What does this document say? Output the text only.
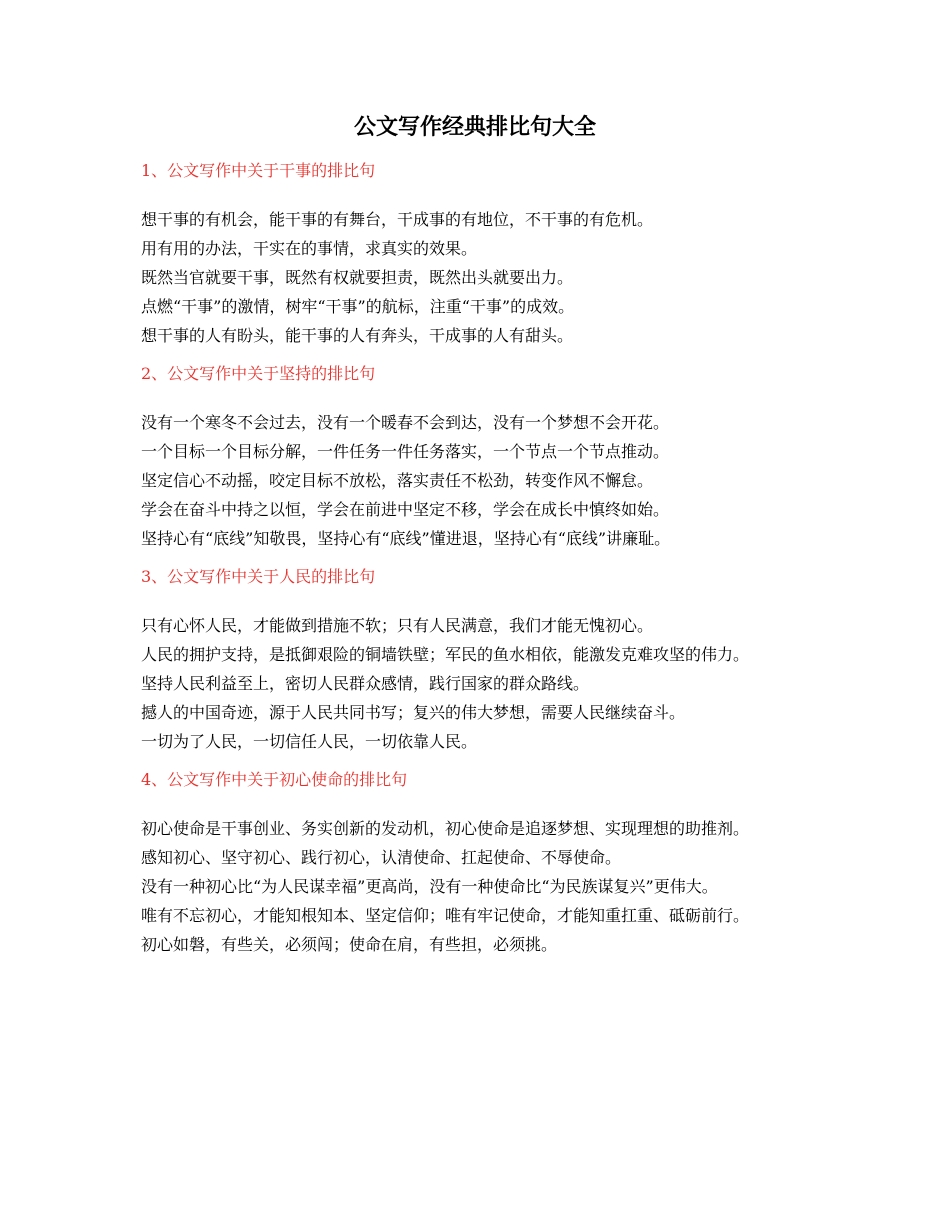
公文写作经典排比句大全
1、公文写作中关于干事的排比句

想干事的有机会，能干事的有舞台，干成事的有地位，不干事的有危机。

用有用的办法，干实在的事情，求真实的效果。

既然当官就要干事，既然有权就要担责，既然出头就要出力。

点燃“干事”的激情，树牢“干事”的航标，注重“干事”的成效。

想干事的人有盼头，能干事的人有奔头，干成事的人有甜头。

2、公文写作中关于坚持的排比句

没有一个寒冬不会过去，没有一个暖春不会到达，没有一个梦想不会开花。

一个目标一个目标分解，一件任务一件任务落实，一个节点一个节点推动。

坚定信心不动摇，咬定目标不放松，落实责任不松劲，转变作风不懈怠。

学会在奋斗中持之以恒，学会在前进中坚定不移，学会在成长中慎终如始。

坚持心有“底线”知敬畏，坚持心有“底线”懂进退，坚持心有“底线”讲廉耻。

3、公文写作中关于人民的排比句

只有心怀人民，才能做到措施不软；只有人民满意，我们才能无愧初心。

人民的拥护支持，是抵御艰险的铜墙铁壁；军民的鱼水相依，能激发克难攻坚的伟力。

坚持人民利益至上，密切人民群众感情，践行国家的群众路线。

撼人的中国奇迹，源于人民共同书写；复兴的伟大梦想，需要人民继续奋斗。

一切为了人民，一切信任人民，一切依靠人民。

4、公文写作中关于初心使命的排比句

初心使命是干事创业、务实创新的发动机，初心使命是追逐梦想、实现理想的助推剂。

感知初心、坚守初心、践行初心，认清使命、扛起使命、不辱使命。

没有一种初心比“为人民谋幸福”更高尚，没有一种使命比“为民族谋复兴”更伟大。

唯有不忘初心，才能知根知本、坚定信仰；唯有牢记使命，才能知重扛重、砥砺前行。

初心如磐，有些关，必须闯；使命在肩，有些担，必须挑。
